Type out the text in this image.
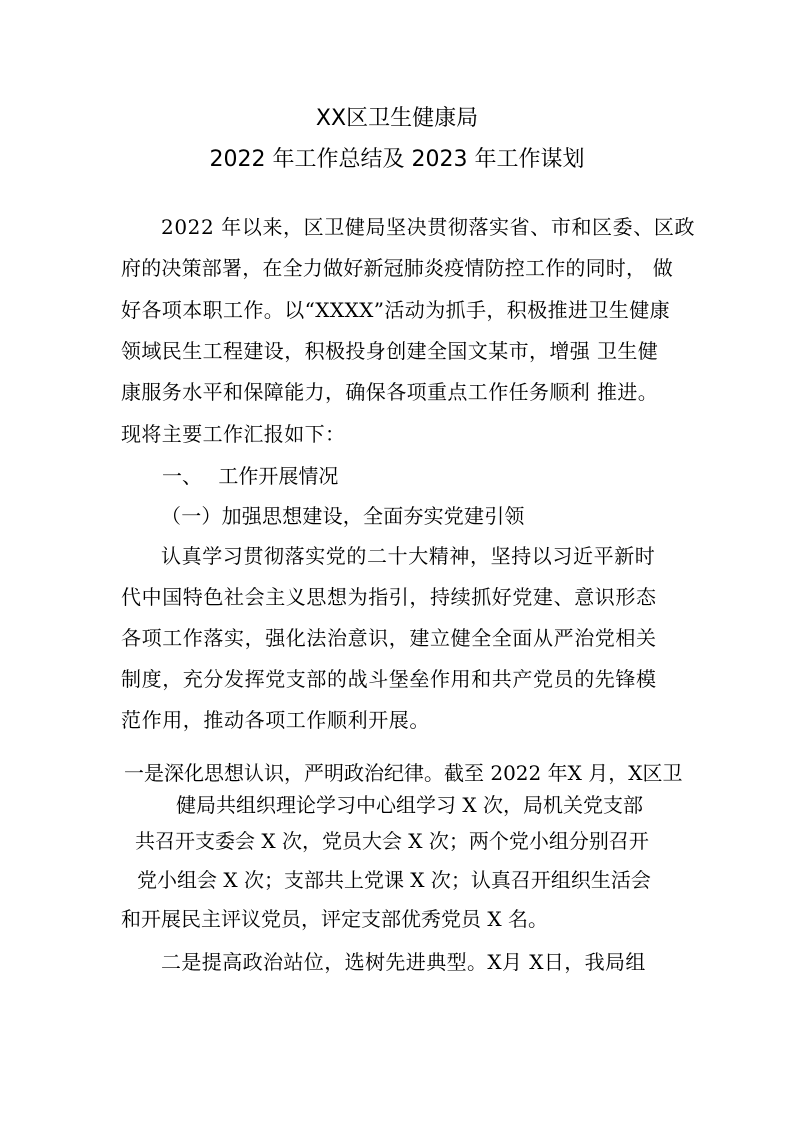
XX区卫生健康局
2022 年工作总结及 2023 年工作谋划

2022 年以来，区卫健局坚决贯彻落实省、市和区委、区政

府的决策部署，在全力做好新冠肺炎疫情防控工作的同时， 做

好各项本职工作。以“XXXX”活动为抓手，积极推进卫生健康

领域民生工程建设，积极投身创建全国文某市，增强 卫生健

康服务水平和保障能力，确保各项重点工作任务顺利 推进。

现将主要工作汇报如下：

一、 工作开展情况

（一）加强思想建设，全面夯实党建引领

认真学习贯彻落实党的二十大精神，坚持以习近平新时

代中国特色社会主义思想为指引，持续抓好党建、意识形态

各项工作落实，强化法治意识，建立健全全面从严治党相关

制度，充分发挥党支部的战斗堡垒作用和共产党员的先锋模

范作用，推动各项工作顺利开展。

一是深化思想认识，严明政治纪律。截至 2022 年X 月，X区卫

健局共组织理论学习中心组学习 X 次，局机关党支部

共召开支委会 X 次，党员大会 X 次；两个党小组分别召开

党小组会 X 次；支部共上党课 X 次；认真召开组织生活会

和开展民主评议党员，评定支部优秀党员 X 名。

二是提高政治站位，选树先进典型。X月 X日，我局组
